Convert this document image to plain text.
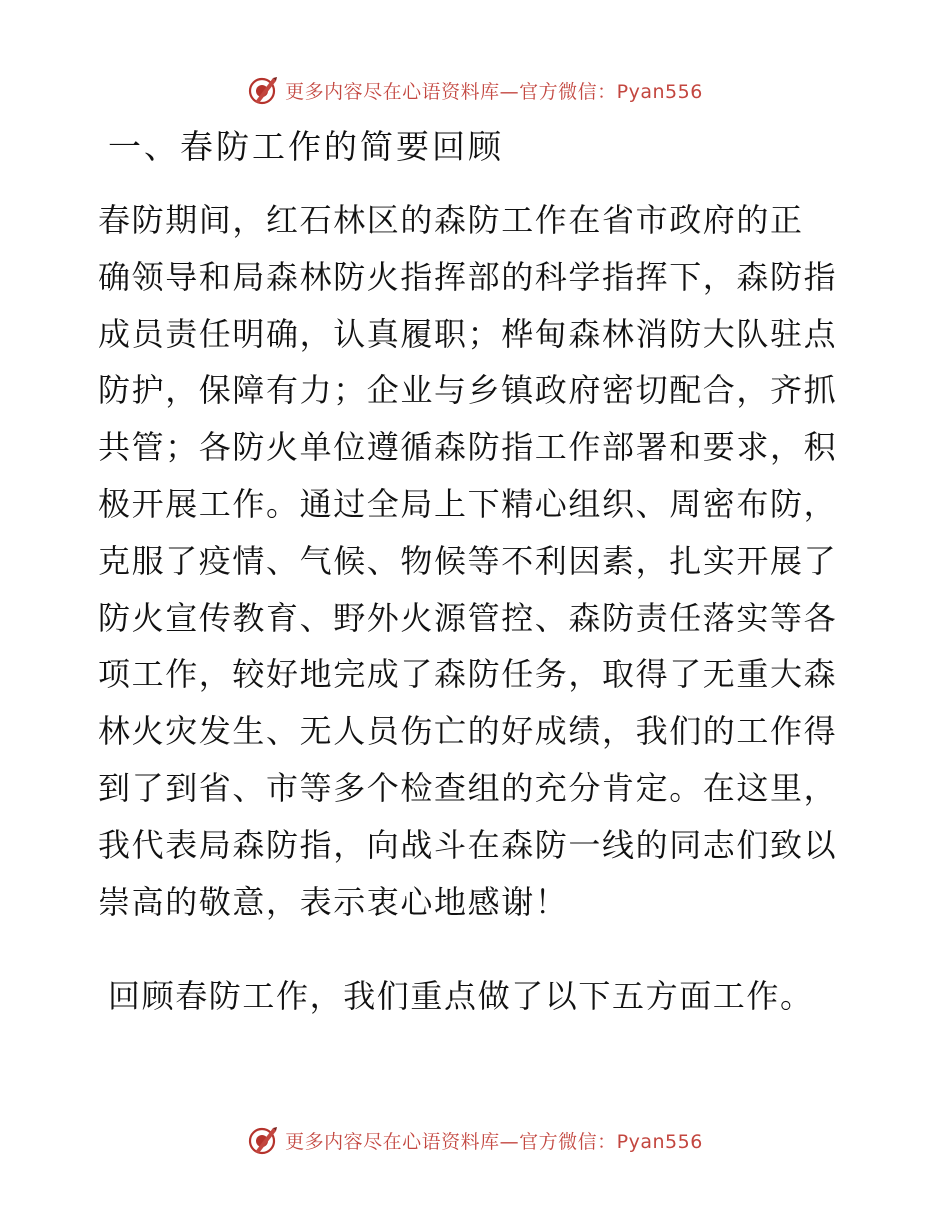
更多内容尽在心语资料库—官方微信：Pyan556
一、春防工作的简要回顾
春防期间，红石林区的森防工作在省市政府的正
确领导和局森林防火指挥部的科学指挥下，森防指
成员责任明确，认真履职；桦甸森林消防大队驻点
防护，保障有力；企业与乡镇政府密切配合，齐抓
共管；各防火单位遵循森防指工作部署和要求，积
极开展工作。通过全局上下精心组织、周密布防，
克服了疫情、气候、物候等不利因素，扎实开展了
防火宣传教育、野外火源管控、森防责任落实等各
项工作，较好地完成了森防任务，取得了无重大森
林火灾发生、无人员伤亡的好成绩，我们的工作得
到了到省、市等多个检查组的充分肯定。在这里，
我代表局森防指，向战斗在森防一线的同志们致以
崇高的敬意，表示衷心地感谢！
回顾春防工作，我们重点做了以下五方面工作。
更多内容尽在心语资料库—官方微信：Pyan556
